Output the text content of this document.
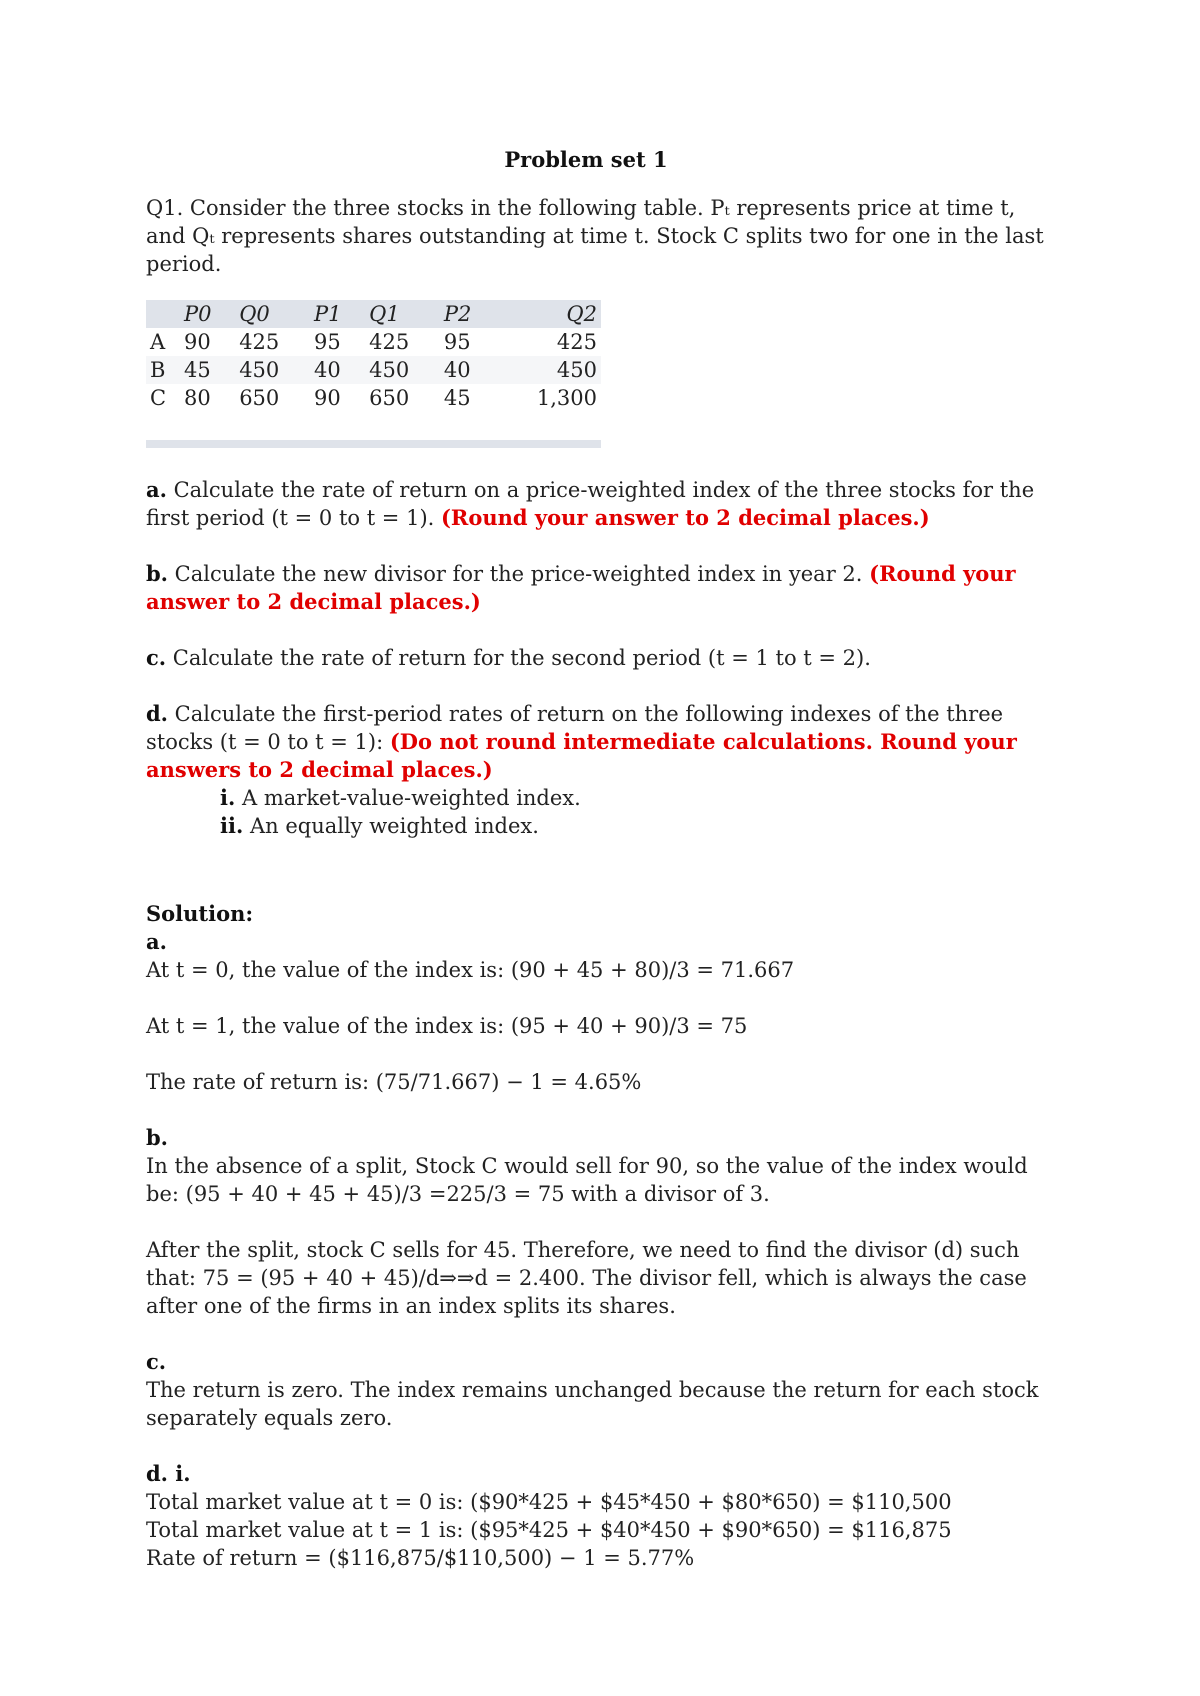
Problem set 1

Q1. Consider the three stocks in the following table. Pₜ represents price at time t,

and Qₜ represents shares outstanding at time t. Stock C splits two for one in the last period.

	P0	Q0	P1	Q1	P2	Q2
A	90	425	95	425	95	425
B	45	450	40	450	40	450
C	80	650	90	650	45	1,300

a. Calculate the rate of return on a price-weighted index of the three stocks for the first period (t = 0 to t = 1). (Round your answer to 2 decimal places.)

b. Calculate the new divisor for the price-weighted index in year 2. (Round your answer to 2 decimal places.)

c. Calculate the rate of return for the second period (t = 1 to t = 2).

d. Calculate the first-period rates of return on the following indexes of the three stocks (t = 0 to t = 1): (Do not round intermediate calculations. Round your answers to 2 decimal places.)

i. A market-value-weighted index.

ii. An equally weighted index.

Solution:

a.

At t = 0, the value of the index is: (90 + 45 + 80)/3 = 71.667

At t = 1, the value of the index is: (95 + 40 + 90)/3 = 75

The rate of return is: (75/71.667) − 1 = 4.65%

b.

In the absence of a split, Stock C would sell for 90, so the value of the index would be: (95 + 40 + 45 + 45)/3 =225/3 = 75 with a divisor of 3.

After the split, stock C sells for 45. Therefore, we need to find the divisor (d) such that: 75 = (95 + 40 + 45)/d⇒⇒d = 2.400. The divisor fell, which is always the case after one of the firms in an index splits its shares.

c.

The return is zero. The index remains unchanged because the return for each stock separately equals zero.

d. i.

Total market value at t = 0 is: ($90*425 + $45*450 + $80*650) = $110,500

Total market value at t = 1 is: ($95*425 + $40*450 + $90*650) = $116,875

Rate of return = ($116,875/$110,500) − 1 = 5.77%
